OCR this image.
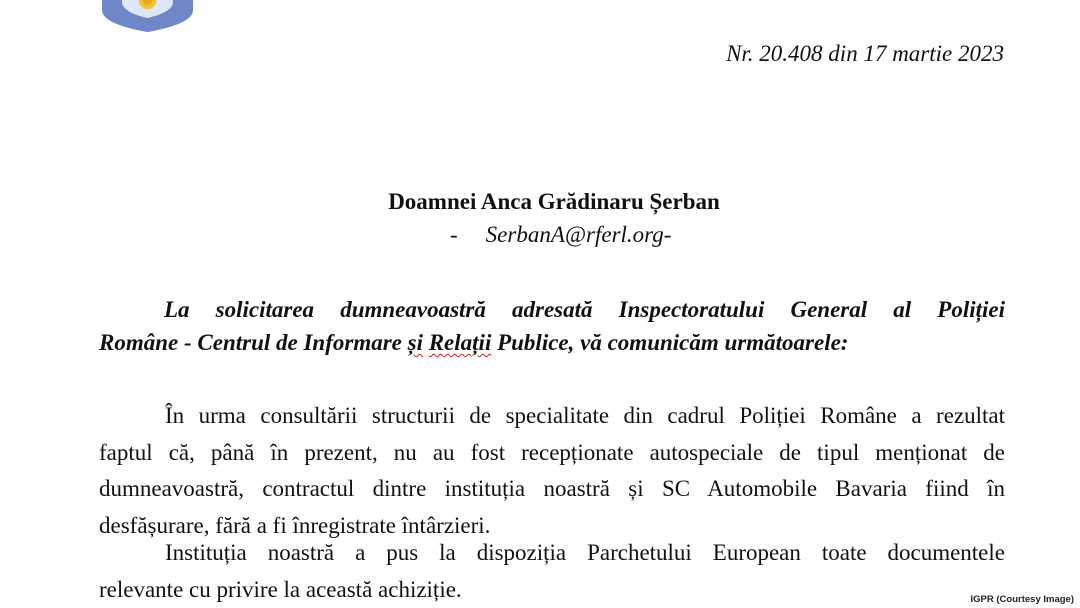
Nr. 20.408 din 17 martie 2023
Doamnei Anca Grădinaru Șerban
- SerbanA@rferl.org-
La solicitarea dumneavoastră adresată Inspectoratului General al Poliției
Române - Centrul de Informare și Relații Publice, vă comunicăm următoarele:
În urma consultării structurii de specialitate din cadrul Poliției Române a rezultat
faptul că, până în prezent, nu au fost recepționate autospeciale de tipul menționat de
dumneavoastră, contractul dintre instituția noastră și SC Automobile Bavaria fiind în
desfășurare, fără a fi înregistrate întârzieri.
Instituția noastră a pus la dispoziția Parchetului European toate documentele
relevante cu privire la această achiziție.	IGPR (Courtesy Image)
